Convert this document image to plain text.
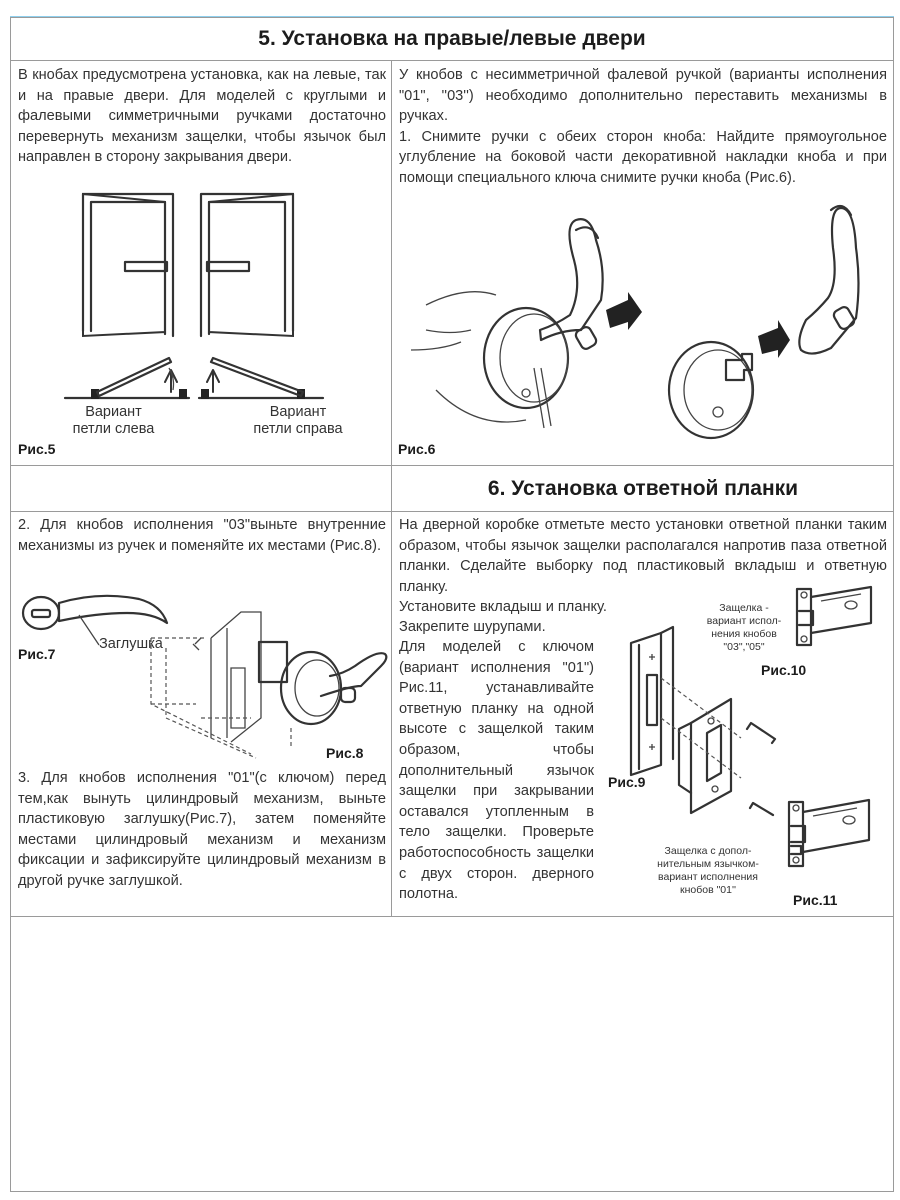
5. Установка на правые/левые двери

В кнобах предусмотрена установка, как на левые, так и на правые двери. Для моделей с круглыми и фалевыми симметричными ручками достаточно перевернуть механизм защелки, чтобы язычок был направлен в сторону закрывания двери.

Вариант
петли слева
Вариант
петли справа
Рис.5

У кнобов с несимметричной фалевой ручкой (варианты исполнения "01", ''03'') необходимо дополнительно переставить механизмы в ручках.

1. Снимите ручки с обеих сторон кноба: Найдите прямоугольное углубление на боковой части декоративной накладки кноба и при помощи специального ключа снимите ручки кноба (Рис.6).

Рис.6
6. Установка ответной планки

2. Для кнобов исполнения "03"выньте внутренние механизмы из ручек и поменяйте их местами (Рис.8).

Заглушка
Рис.7
Рис.8

3. Для кнобов исполнения "01"(с ключом) перед тем,как вынуть цилиндровый механизм, выньте пластиковую заглушку(Рис.7), затем поменяйте местами цилиндровый механизм и механизм фиксации и зафиксируйте цилиндровый механизм в другой ручке заглушкой.

На дверной коробке отметьте место установки ответной планки таким образом, чтобы язычок защелки располагался напротив паза ответной планки. Сделайте выборку под пластиковый вкладыш и ответную планку.

Установите вкладыш и планку.
Закрепите шурупами.

Для моделей с ключом (вариант исполнения "01") Рис.11, устанавливайте ответную планку на одной высоте с защелкой таким образом, чтобы дополнительный язычок защелки при закрывании оставался утопленным в тело защелки. Проверьте работоспособность защелки с двух сторон. дверного полотна.

Защелка -
вариант испол-
нения кнобов
"03","05"
Рис.10
Рис.9
Защелка с допол-
нительным язычком-
вариант исполнения
кнобов "01''
Рис.11
